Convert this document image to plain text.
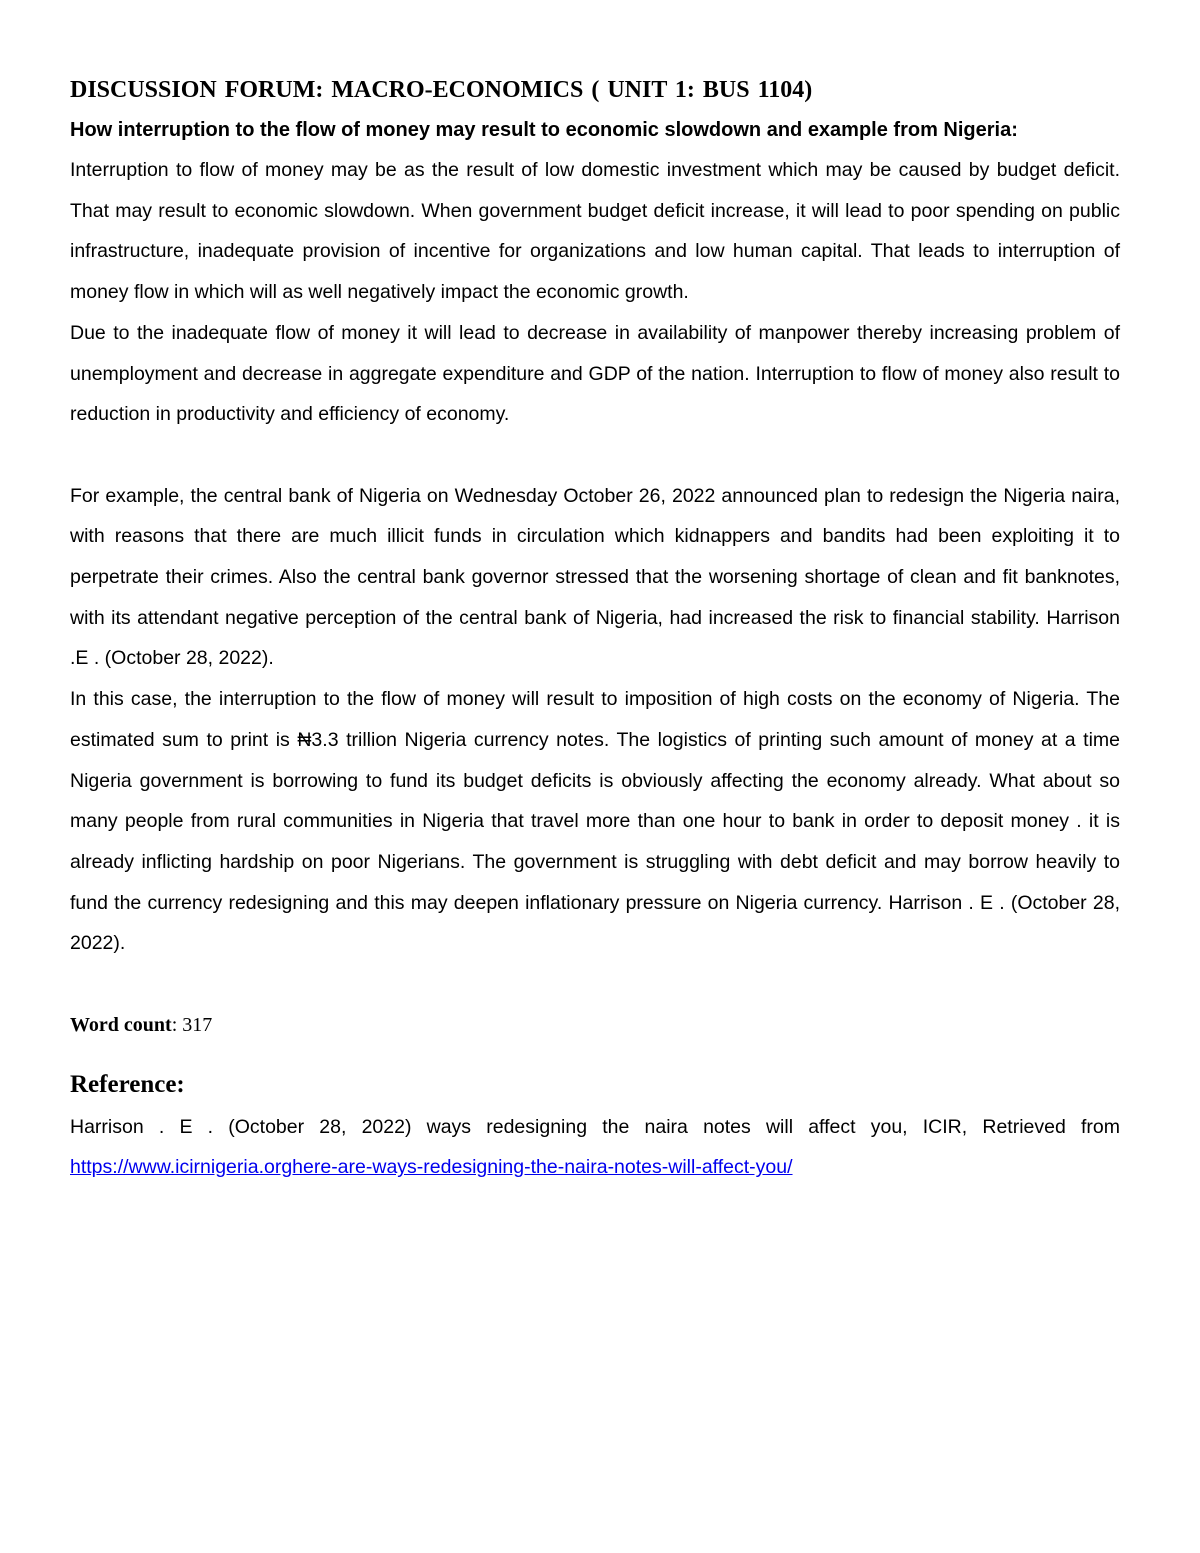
DISCUSSION FORUM: MACRO-ECONOMICS ( UNIT 1: BUS 1104)

How interruption to the flow of money may result to economic slowdown and example from Nigeria:

Interruption to flow of money may be as the result of low domestic investment which may be caused by budget deficit. That may result to economic slowdown. When government budget deficit increase, it will lead to poor spending on public infrastructure, inadequate provision of incentive for organizations and low human capital. That leads to interruption of money flow in which will as well negatively impact the economic growth.

Due to the inadequate flow of money it will lead to decrease in availability of manpower thereby increasing problem of unemployment and decrease in aggregate expenditure and GDP of the nation. Interruption to flow of money also result to reduction in productivity and efficiency of economy.

For example, the central bank of Nigeria on Wednesday October 26, 2022 announced plan to redesign the Nigeria naira, with reasons that there are much illicit funds in circulation which kidnappers and bandits had been exploiting it to perpetrate their crimes. Also the central bank governor stressed that the worsening shortage of clean and fit banknotes, with its attendant negative perception of the central bank of Nigeria, had increased the risk to financial stability. Harrison .E . (October 28, 2022).

In this case, the interruption to the flow of money will result to imposition of high costs on the economy of Nigeria. The estimated sum to print is ₦3.3 trillion Nigeria currency notes. The logistics of printing such amount of money at a time Nigeria government is borrowing to fund its budget deficits is obviously affecting the economy already. What about so many people from rural communities in Nigeria that travel more than one hour to bank in order to deposit money . it is already inflicting hardship on poor Nigerians. The government is struggling with debt deficit and may borrow heavily to fund the currency redesigning and this may deepen inflationary pressure on Nigeria currency. Harrison . E . (October 28, 2022).

Word count: 317

Reference:

Harrison . E . (October 28, 2022) ways redesigning the naira notes will affect you, ICIR, Retrieved from https://www.icirnigeria.orghere-are-ways-redesigning-the-naira-notes-will-affect-you/
